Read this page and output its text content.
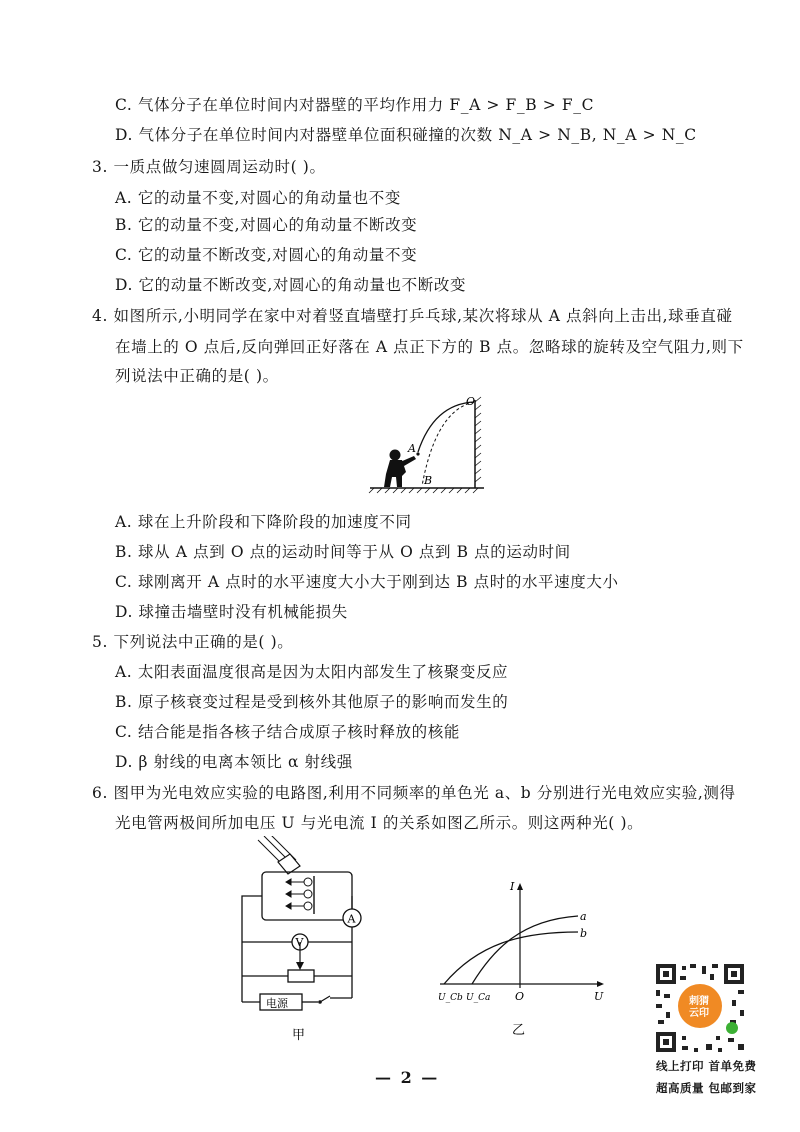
C. 气体分子在单位时间内对器壁的平均作用力 F_A > F_B > F_C
D. 气体分子在单位时间内对器壁单位面积碰撞的次数 N_A > N_B, N_A > N_C
3. 一质点做匀速圆周运动时( )。
A. 它的动量不变,对圆心的角动量也不变
B. 它的动量不变,对圆心的角动量不断改变
C. 它的动量不断改变,对圆心的角动量不变
D. 它的动量不断改变,对圆心的角动量也不断改变
4. 如图所示,小明同学在家中对着竖直墙壁打乒乓球,某次将球从 A 点斜向上击出,球垂直碰
在墙上的 O 点后,反向弹回正好落在 A 点正下方的 B 点。忽略球的旋转及空气阻力,则下
列说法中正确的是( )。
O
A
B
A. 球在上升阶段和下降阶段的加速度不同
B. 球从 A 点到 O 点的运动时间等于从 O 点到 B 点的运动时间
C. 球刚离开 A 点时的水平速度大小大于刚到达 B 点时的水平速度大小
D. 球撞击墙壁时没有机械能损失
5. 下列说法中正确的是( )。
A. 太阳表面温度很高是因为太阳内部发生了核聚变反应
B. 原子核衰变过程是受到核外其他原子的影响而发生的
C. 结合能是指各核子结合成原子核时释放的核能
D. β 射线的电离本领比 α 射线强
6. 图甲为光电效应实验的电路图,利用不同频率的单色光 a、b 分别进行光电效应实验,测得
光电管两极间所加电压 U 与光电流 I 的关系如图乙所示。则这两种光( )。
A
V
电源
甲
I
U
O
a
b
U_Cb U_Ca
乙
— 2 —
刺猬云印
线上打印 首单免费
超高质量 包邮到家
